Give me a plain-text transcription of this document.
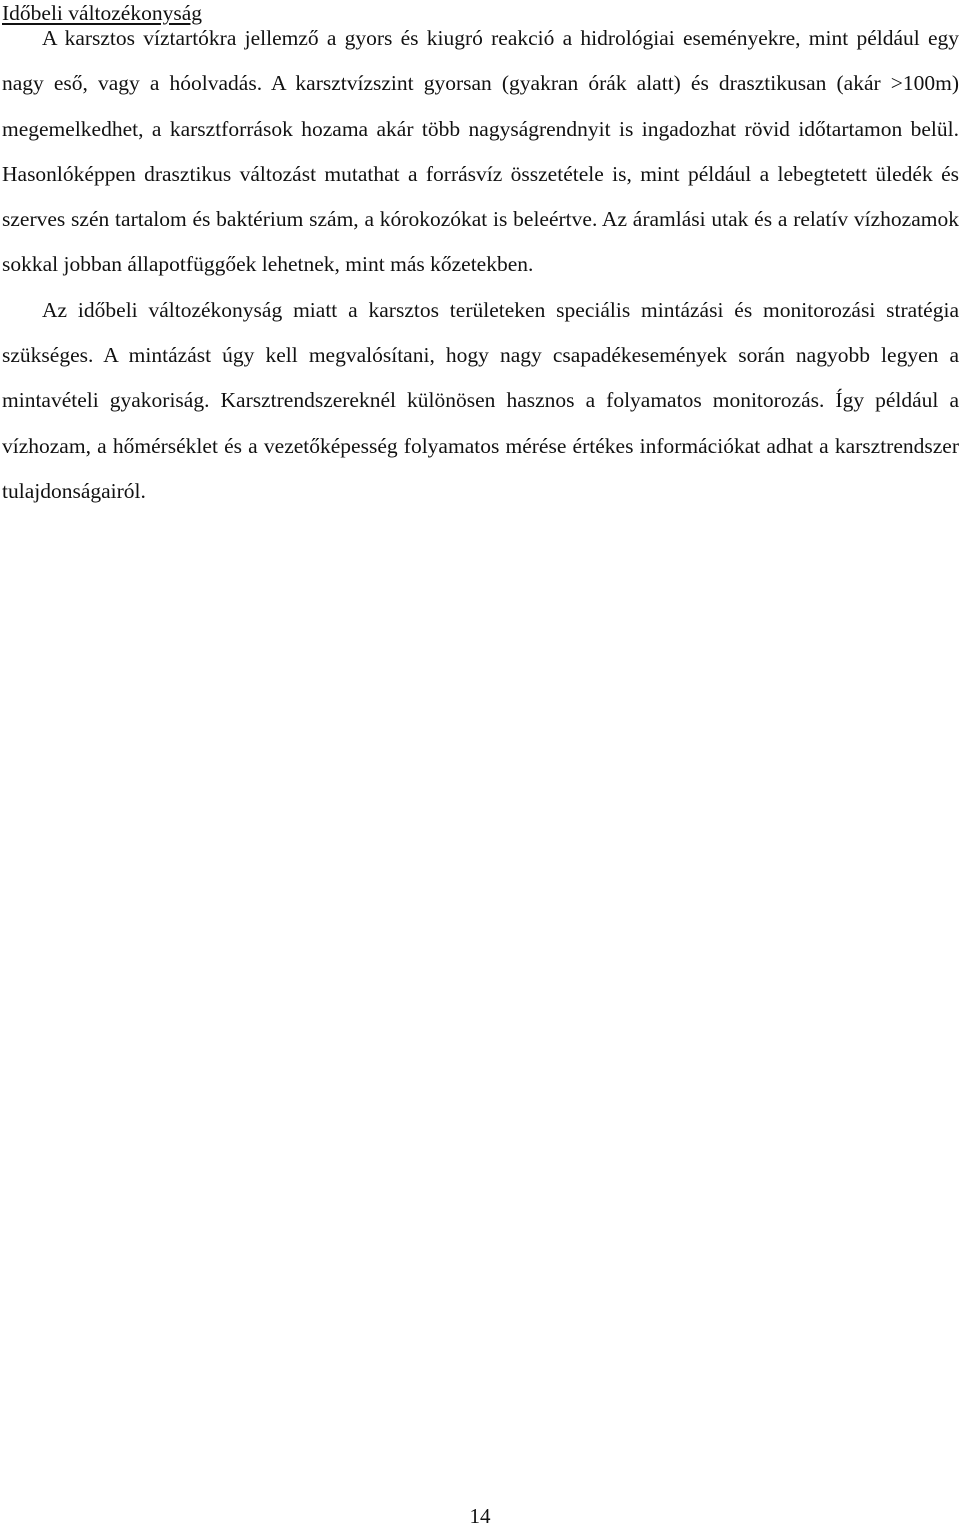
Időbeli változékonyság

A karsztos víztartókra jellemző a gyors és kiugró reakció a hidrológiai eseményekre, mint például egy nagy eső, vagy a hóolvadás. A karsztvízszint gyorsan (gyakran órák alatt) és drasztikusan (akár >100m) megemelkedhet, a karsztforrások hozama akár több nagyságrendnyit is ingadozhat rövid időtartamon belül. Hasonlóképpen drasztikus változást mutathat a forrásvíz összetétele is, mint például a lebegtetett üledék és szerves szén tartalom és baktérium szám, a kórokozókat is beleértve. Az áramlási utak és a relatív vízhozamok sokkal jobban állapotfüggőek lehetnek, mint más kőzetekben.

Az időbeli változékonyság miatt a karsztos területeken speciális mintázási és monitorozási stratégia szükséges. A mintázást úgy kell megvalósítani, hogy nagy csapadékesemények során nagyobb legyen a mintavételi gyakoriság. Karsztrendszereknél különösen hasznos a folyamatos monitorozás. Így például a vízhozam, a hőmérséklet és a vezetőképesség folyamatos mérése értékes információkat adhat a karsztrendszer tulajdonságairól.

14
